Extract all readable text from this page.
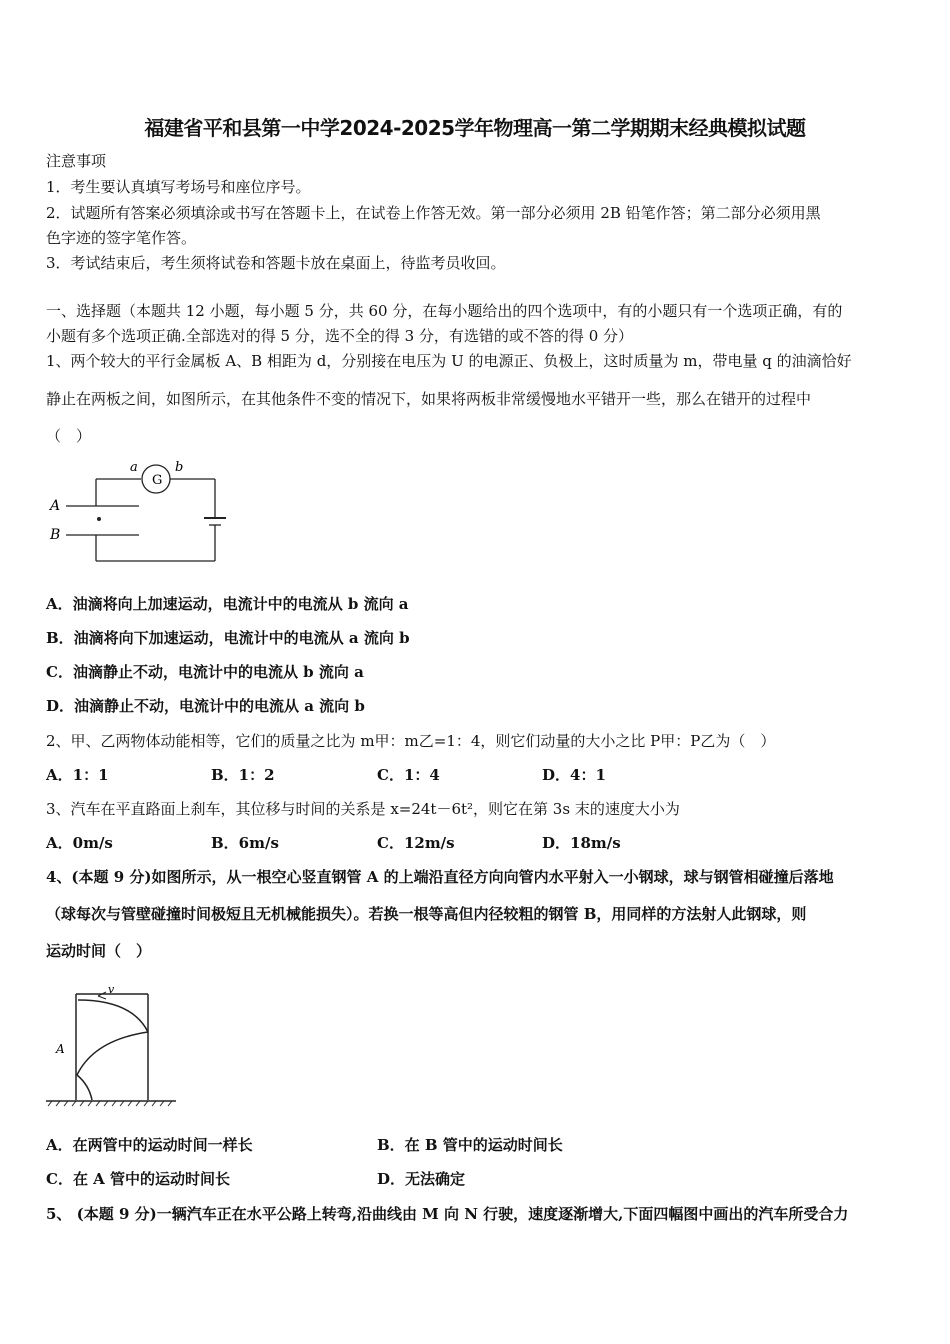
福建省平和县第一中学2024-2025学年物理高一第二学期期末经典模拟试题
注意事项
1．考生要认真填写考场号和座位序号。
2．试题所有答案必须填涂或书写在答题卡上，在试卷上作答无效。第一部分必须用 2B 铅笔作答；第二部分必须用黑
色字迹的签字笔作答。
3．考试结束后，考生须将试卷和答题卡放在桌面上，待监考员收回。
一、选择题（本题共 12 小题，每小题 5 分，共 60 分，在每小题给出的四个选项中，有的小题只有一个选项正确，有的
小题有多个选项正确.全部选对的得 5 分，选不全的得 3 分，有选错的或不答的得 0 分）
1、两个较大的平行金属板 A、B 相距为 d，分别接在电压为 U 的电源正、负极上，这时质量为 m，带电量 q 的油滴恰好
静止在两板之间，如图所示，在其他条件不变的情况下，如果将两板非常缓慢地水平错开一些，那么在错开的过程中
（　）
G
a	b
A
B
A．油滴将向上加速运动，电流计中的电流从 b 流向 a
B．油滴将向下加速运动，电流计中的电流从 a 流向 b
C．油滴静止不动，电流计中的电流从 b 流向 a
D．油滴静止不动，电流计中的电流从 a 流向 b
2、甲、乙两物体动能相等，它们的质量之比为 m甲：m乙=1：4，则它们动量的大小之比 P甲：P乙为（　）
A．1：1	B．1：2	C．1：4	D．4：1
3、汽车在平直路面上刹车，其位移与时间的关系是 x=24t－6t²，则它在第 3s 末的速度大小为
A．0m/s	B．6m/s	C．12m/s	D．18m/s
4、(本题 9 分)如图所示，从一根空心竖直钢管 A 的上端沿直径方向向管内水平射入一小钢球，球与钢管相碰撞后落地
（球每次与管壁碰撞时间极短且无机械能损失）。若换一根等高但内径较粗的钢管 B，用同样的方法射人此钢球，则
运动时间（　）
v
A
A．在两管中的运动时间一样长	B．在 B 管中的运动时间长
C．在 A 管中的运动时间长	D．无法确定
5、 (本题 9 分)一辆汽车正在水平公路上转弯,沿曲线由 M 向 N 行驶，速度逐渐增大,下面四幅图中画出的汽车所受合力
